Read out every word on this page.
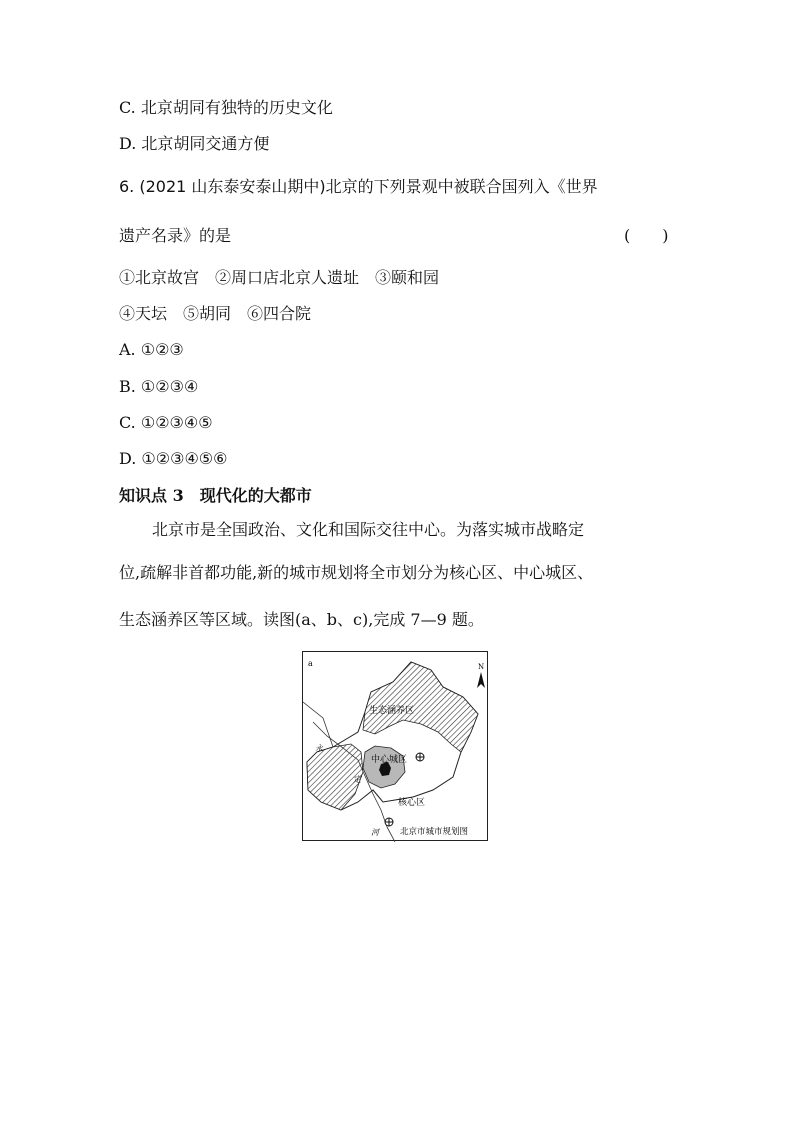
C. 北京胡同有独特的历史文化
D. 北京胡同交通方便
6. (2021 山东泰安泰山期中)北京的下列景观中被联合国列入《世界
遗产名录》的是	(　　)
①北京故宫　②周口店北京人遗址　③颐和园
④天坛　⑤胡同　⑥四合院
A. ①②③
B. ①②③④
C. ①②③④⑤
D. ①②③④⑤⑥
知识点 3　现代化的大都市
北京市是全国政治、文化和国际交往中心。为落实城市战略定
位,疏解非首都功能,新的城市规划将全市划分为核心区、中心城区、
生态涵养区等区域。读图(a、b、c),完成 7—9 题。
N
a
生态涵养区
中心城区
核心区
永
定
河 北京市城市规划图
